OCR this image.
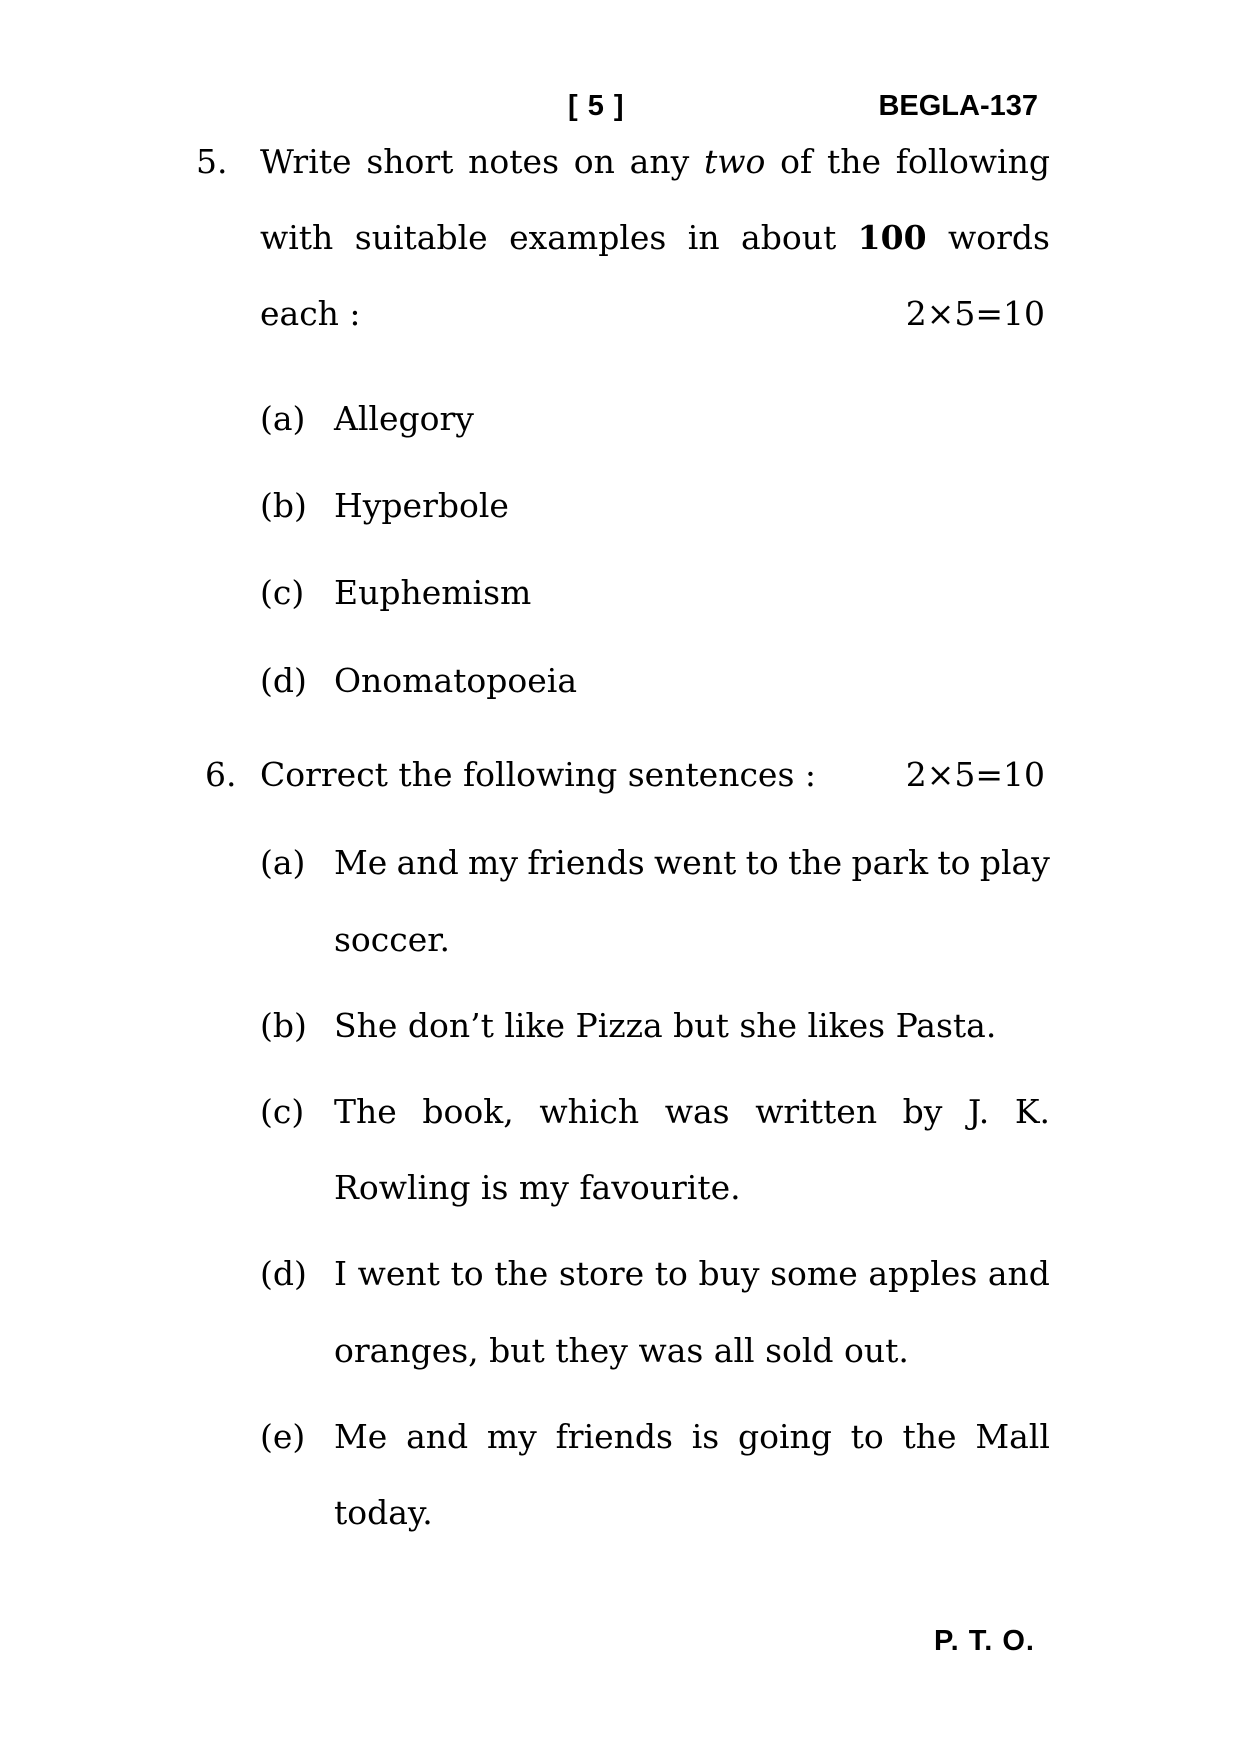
[ 5 ]	BEGLA-137
5. Write short notes on any two of the following
with suitable examples in about 100 words
each :	2×5=10
(a) Allegory
(b) Hyperbole
(c) Euphemism
(d) Onomatopoeia
6. Correct the following sentences :	2×5=10
(a) Me and my friends went to the park to play
soccer.
(b) She don’t like Pizza but she likes Pasta.
(c) The book, which was written by J. K.
Rowling is my favourite.
(d) I went to the store to buy some apples and
oranges, but they was all sold out.
(e) Me and my friends is going to the Mall
today.
P. T. O.
